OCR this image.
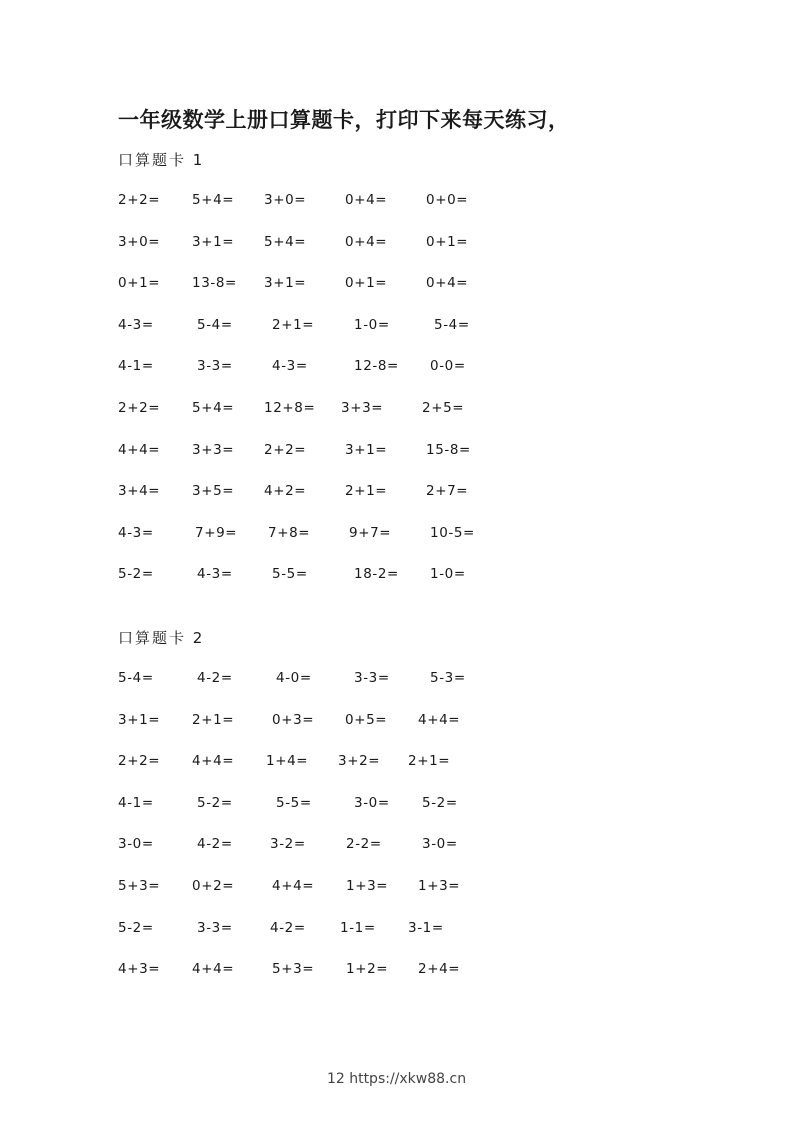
一年级数学上册口算题卡，打印下来每天练习，
口算题卡 1
2+2= 5+4= 3+0=	0+4=	0+0=
3+0= 3+1= 5+4=	0+4=	0+1=
0+1= 13-8= 3+1=	0+1=	0+4=
4-3=	5-4=	2+1=	1-0=	5-4=
4-1=	3-3=	4-3=	12-8= 0-0=
2+2= 5+4= 12+8= 3+3=	2+5=
4+4= 3+3= 2+2=	3+1=	15-8=
3+4= 3+5= 4+2=	2+1=	2+7=
4-3=	7+9= 7+8=	9+7=	10-5=
5-2=	4-3=	5-5=	18-2= 1-0=
口算题卡 2
5-4=	4-2=	4-0=	3-3=	5-3=
3+1= 2+1=	0+3= 0+5= 4+4=
2+2= 4+4= 1+4= 3+2= 2+1=
4-1=	5-2=	5-5=	3-0= 5-2=
3-0=	4-2=	3-2=	2-2=	3-0=
5+3= 0+2=	4+4= 1+3= 1+3=
5-2=	3-3=	4-2=	1-1= 3-1=
4+3= 4+4=	5+3= 1+2= 2+4=
12 https://xkw88.cn
